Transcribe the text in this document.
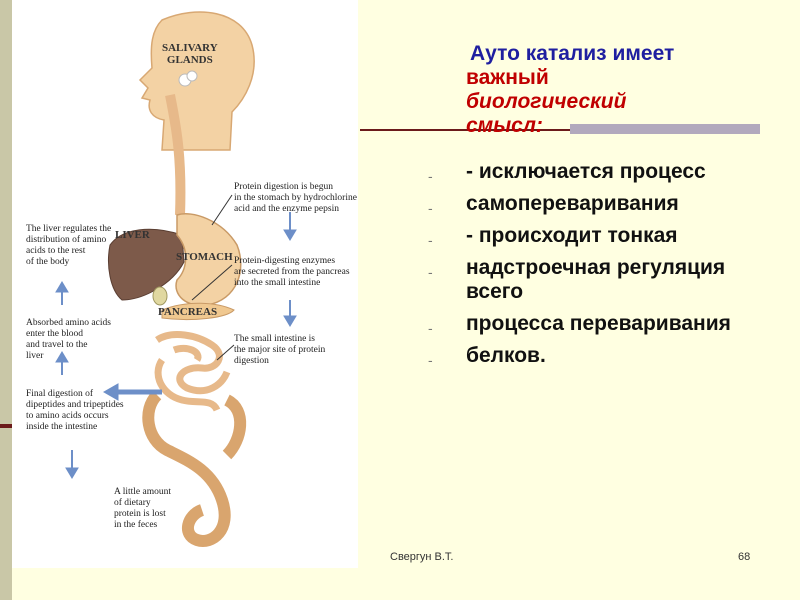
SALIVARY
GLANDS
LIVER
STOMACH
PANCREAS
Protein digestion is begun
in the stomach by hydrochlorine
acid and the enzyme pepsin
Protein-digesting enzymes
are secreted from the pancreas
into the small intestine
The small intestine is
the major site of protein
digestion
The liver regulates the
distribution of amino
acids to the rest
of the body
Absorbed amino acids
enter the blood
and travel to the
liver
Final digestion of
dipeptides and tripeptides
to amino acids occurs
inside the intestine
A little amount
of dietary
protein is lost
in the feces
Ауто катализ имеет
важный
биологический
смысл:
- - исключается процесс
- самопереваривания
- - происходит тонкая
- надстроечная регуляция всего
- процесса переваривания
- белков.
Свергун В.Т.	68
